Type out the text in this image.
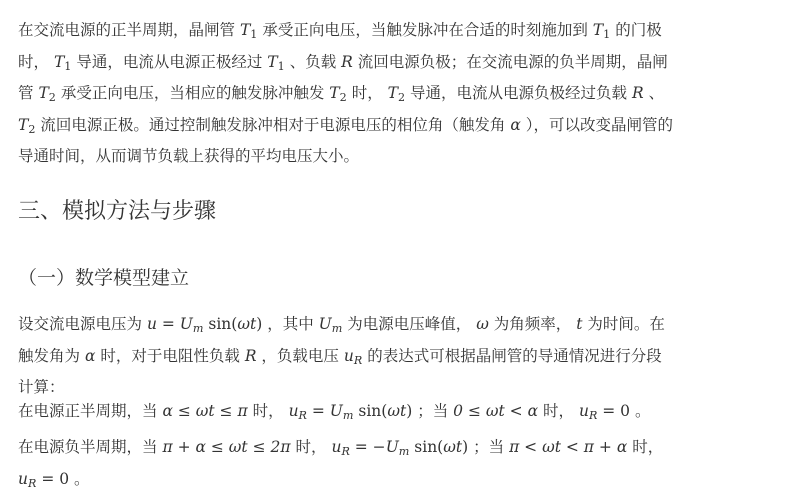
在交流电源的正半周期，晶闸管 $T_1$ 承受正向电压，当触发脉冲在合适的时刻施加到 $T_1$ 的门极
时， $T_1$ 导通，电流从电源正极经过 $T_1$ 、负载 R 流回电源负极；在交流电源的负半周期，晶闸
管 $T_2$ 承受正向电压，当相应的触发脉冲触发 $T_2$ 时， $T_2$ 导通，电流从电源负极经过负载 R 、
$T_2$ 流回电源正极。通过控制触发脉冲相对于电源电压的相位角（触发角 α ），可以改变晶闸管的
导通时间，从而调节负载上获得的平均电压大小。
三、模拟方法与步骤
（一）数学模型建立
设交流电源电压为 $u = U_m$ sin(ωt) ，其中 $U_m$ 为电源电压峰值， ω 为角频率， t 为时间。在
触发角为 α 时，对于电阻性负载 R ，负载电压 $u_R$ 的表达式可根据晶闸管的导通情况进行分段
计算：
在电源正半周期，当 α ≤ ωt ≤ π 时， $u_R = U_m$ sin(ωt) ；当 0 ≤ ωt < α 时， $u_R = 0$ 。
在电源负半周期，当 π + α ≤ ωt ≤ 2π 时， $u_R = -U_m$ sin(ωt) ；当 π < ωt < π + α 时，
$u_R = 0$ 。
